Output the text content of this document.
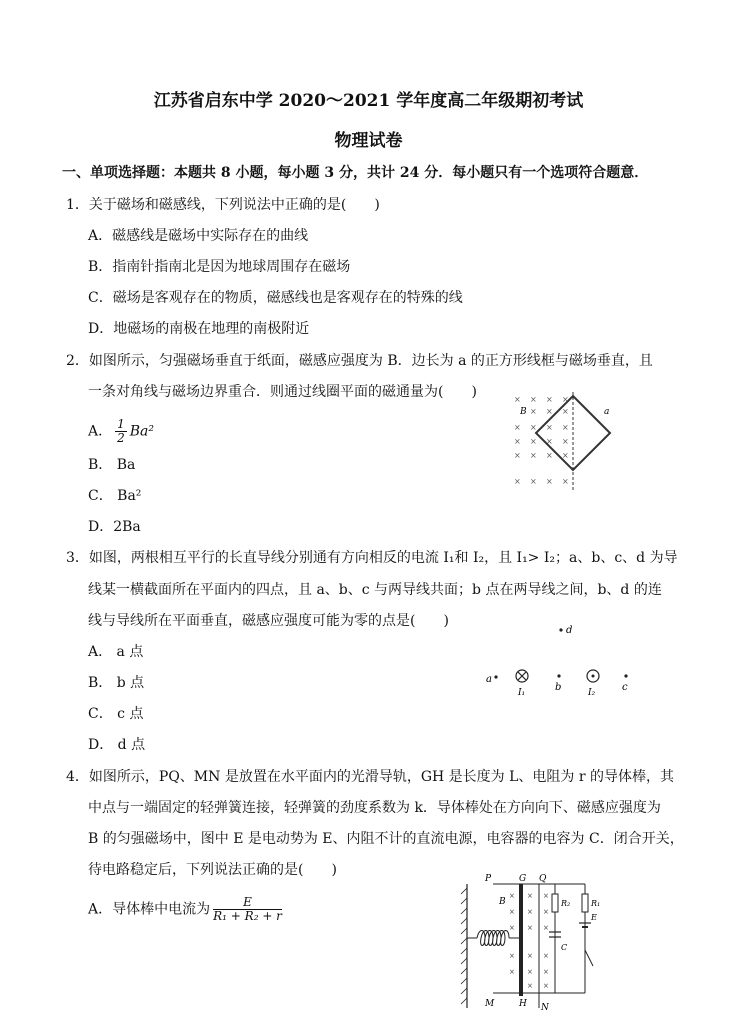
江苏省启东中学 2020～2021 学年度高二年级期初考试
物理试卷
一、单项选择题：本题共 8 小题，每小题 3 分，共计 24 分．每小题只有一个选项符合题意．
1．关于磁场和磁感线，下列说法中正确的是(　　)
A．磁感线是磁场中实际存在的曲线
B．指南针指南北是因为地球周围存在磁场
C．磁场是客观存在的物质，磁感线也是客观存在的特殊的线
D．地磁场的南极在地理的南极附近
2．如图所示，匀强磁场垂直于纸面，磁感应强度为 B．边长为 a 的正方形线框与磁场垂直，且
一条对角线与磁场边界重合．则通过线圈平面的磁通量为(　　)
A． $\frac{1}{2} Ba^2$
B． Ba
C． Ba²
D．2Ba
× × × ×
× × ×
× × × ×
× × × ×
× × × ×
× × × ×
B	a
3．如图，两根相互平行的长直导线分别通有方向相反的电流 I₁和 I₂，且 I₁> I₂；a、b、c、d 为导
线某一横截面所在平面内的四点，且 a、b、c 与两导线共面；b 点在两导线之间，b、d 的连
线与导线所在平面垂直，磁感应强度可能为零的点是(　　)
A． a 点
B． b 点
C． c 点
D． d 点
d
a
I₁	b	I₂	c
4．如图所示，PQ、MN 是放置在水平面内的光滑导轨，GH 是长度为 L、电阻为 r 的导体棒，其
中点与一端固定的轻弹簧连接，轻弹簧的劲度系数为 k．导体棒处在方向向下、磁感应强度为
B 的匀强磁场中，图中 E 是电动势为 E、内阻不计的直流电源，电容器的电容为 C．闭合开关，
待电路稳定后，下列说法正确的是(　　)
A．导体棒中电流为 $\frac{E}{\text{R₁ + R₂ + r}}$
P	G Q
B
× × ×
× × ×
× × ×
× × ×
× × ×
× ×
R₂
C
R₁
E
M	H N
